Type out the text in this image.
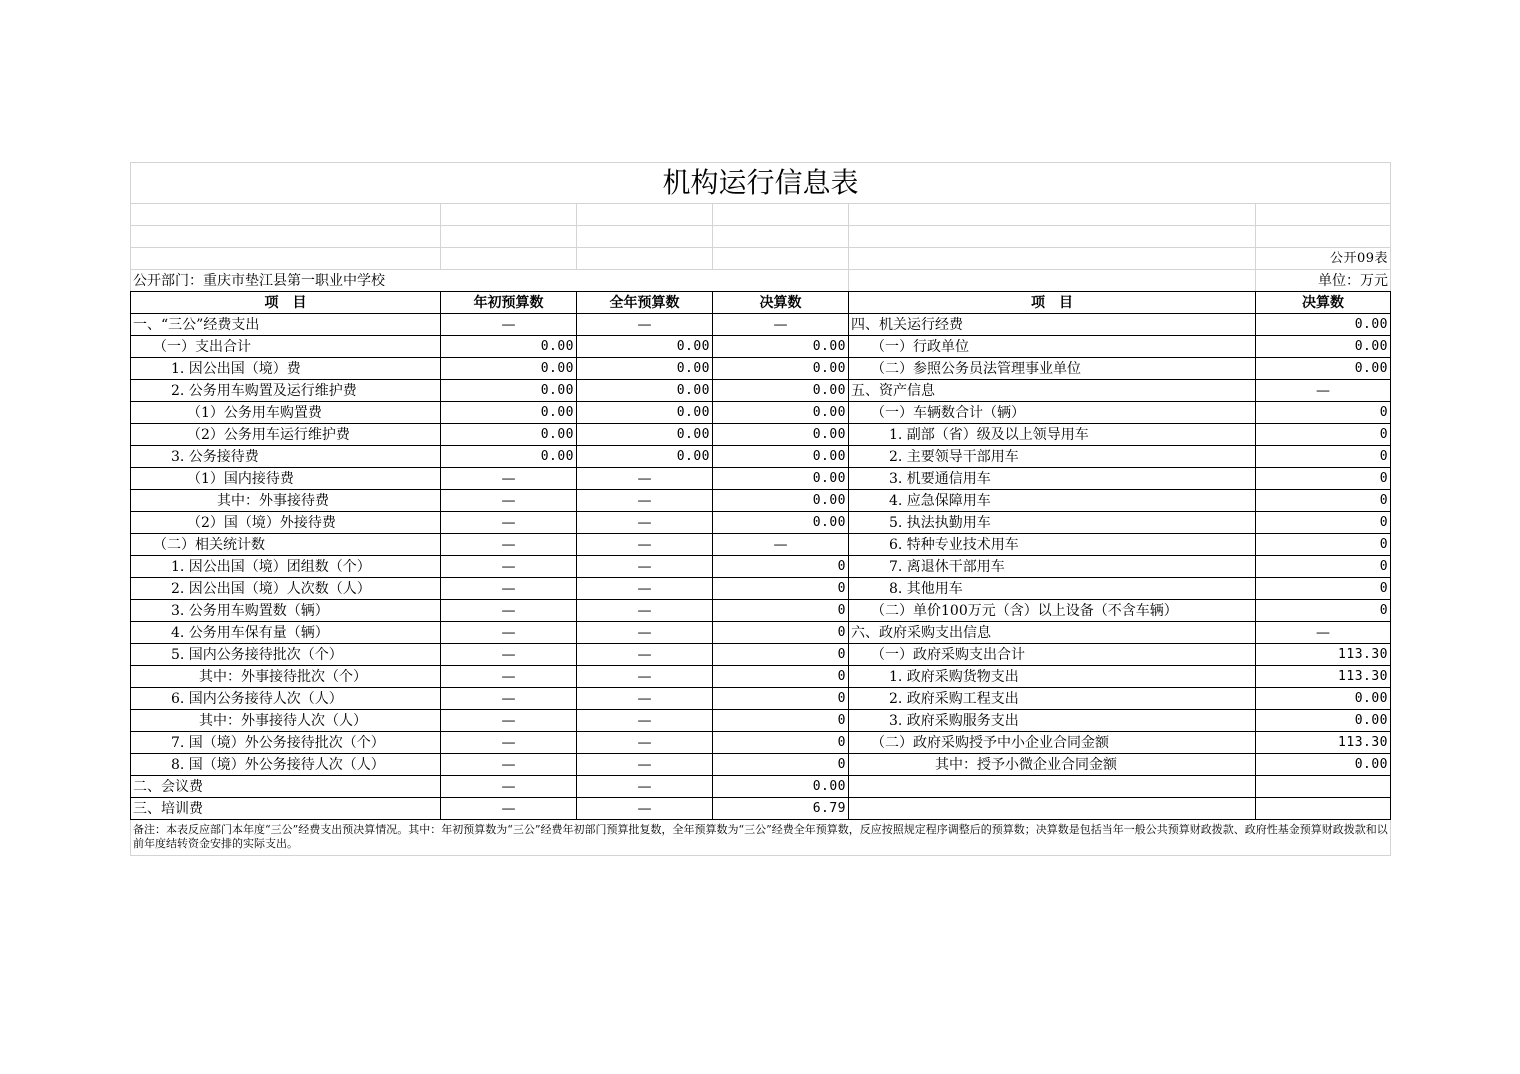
机构运行信息表					

					公开09表
公开部门：重庆市垫江县第一职业中学校					单位：万元
项　目	年初预算数	全年预算数	决算数	项　目	决算数
一、“三公”经费支出	—	—	—	四、机关运行经费	0.00
（一）支出合计	0.00	0.00	0.00	（一）行政单位	0.00
1. 因公出国（境）费	0.00	0.00	0.00	（二）参照公务员法管理事业单位	0.00
2. 公务用车购置及运行维护费	0.00	0.00	0.00	五、资产信息	—
（1）公务用车购置费	0.00	0.00	0.00	（一）车辆数合计（辆）	0
（2）公务用车运行维护费	0.00	0.00	0.00	1. 副部（省）级及以上领导用车	0
3. 公务接待费	0.00	0.00	0.00	2. 主要领导干部用车	0
（1）国内接待费	—	—	0.00	3. 机要通信用车	0
其中：外事接待费	—	—	0.00	4. 应急保障用车	0
（2）国（境）外接待费	—	—	0.00	5. 执法执勤用车	0
（二）相关统计数	—	—	—	6. 特种专业技术用车	0
1. 因公出国（境）团组数（个）	—	—	0	7. 离退休干部用车	0
2. 因公出国（境）人次数（人）	—	—	0	8. 其他用车	0
3. 公务用车购置数（辆）	—	—	0	（二）单价100万元（含）以上设备（不含车辆）	0
4. 公务用车保有量（辆）	—	—	0	六、政府采购支出信息	—
5. 国内公务接待批次（个）	—	—	0	（一）政府采购支出合计	113.30
其中：外事接待批次（个）	—	—	0	1. 政府采购货物支出	113.30
6. 国内公务接待人次（人）	—	—	0	2. 政府采购工程支出	0.00
其中：外事接待人次（人）	—	—	0	3. 政府采购服务支出	0.00
7. 国（境）外公务接待批次（个）	—	—	0	（二）政府采购授予中小企业合同金额	113.30
8. 国（境）外公务接待人次（人）	—	—	0	其中：授予小微企业合同金额	0.00
二、会议费	—	—	0.00		
三、培训费	—	—	6.79		
备注：本表反应部门本年度“三公”经费支出预决算情况。其中：年初预算数为“三公”经费年初部门预算批复数，全年预算数为“三公”经费全年预算数，反应按照规定程序调整后的预算数；决算数是包括当年一般公共预算财政拨款、政府性基金预算财政拨款和以前年度结转资金安排的实际支出。					
